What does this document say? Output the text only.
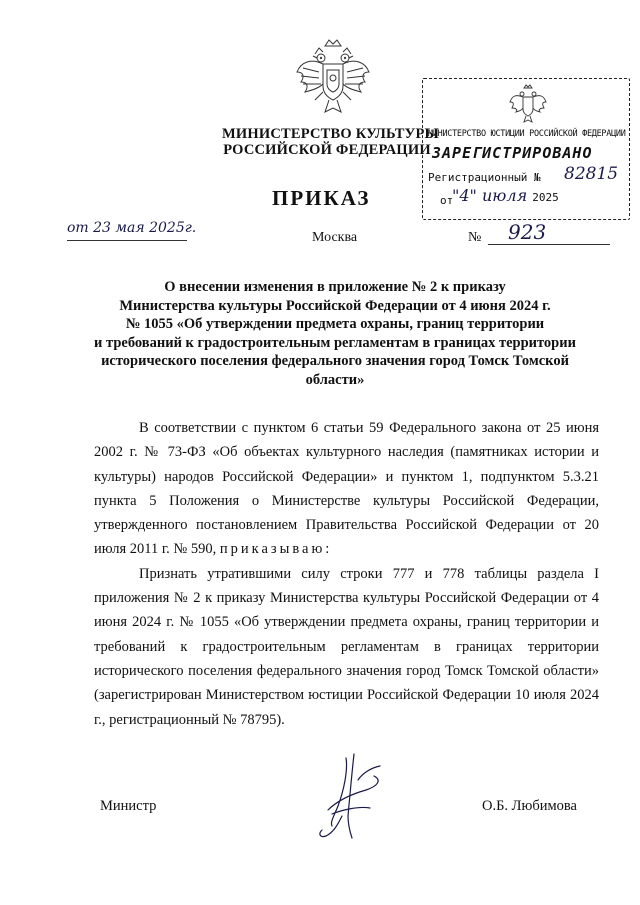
МИНИСТЕРСТВО КУЛЬТУРЫ
РОССИЙСКОЙ ФЕДЕРАЦИИ
МИНИСТЕРСТВО ЮСТИЦИИ РОССИЙСКОЙ ФЕДЕРАЦИИ
ЗАРЕГИСТРИРОВАНО
Регистрационный №	82815
от
"4" июля 2025
ПРИКАЗ
от 23 мая 2025г.
Москва	№ 923
О внесении изменения в приложение № 2 к приказу
Министерства культуры Российской Федерации от 4 июня 2024 г.
№ 1055 «Об утверждении предмета охраны, границ территории
и требований к градостроительным регламентам в границах территории
исторического поселения федерального значения город Томск Томской
области»

В соответствии с пунктом 6 статьи 59 Федерального закона от 25 июня 2002 г. № 73-ФЗ «Об объектах культурного наследия (памятниках истории и культуры) народов Российской Федерации» и пунктом 1, подпунктом 5.3.21 пункта 5 Положения о Министерстве культуры Российской Федерации, утвержденного постановлением Правительства Российской Федерации от 20 июля 2011 г. № 590, приказываю:

Признать утратившими силу строки 777 и 778 таблицы раздела I приложения № 2 к приказу Министерства культуры Российской Федерации от 4 июня 2024 г. № 1055 «Об утверждении предмета охраны, границ территории и требований к градостроительным регламентам в границах территории исторического поселения федерального значения город Томск Томской области» (зарегистрирован Министерством юстиции Российской Федерации 10 июля 2024 г., регистрационный № 78795).

Министр	О.Б. Любимова
